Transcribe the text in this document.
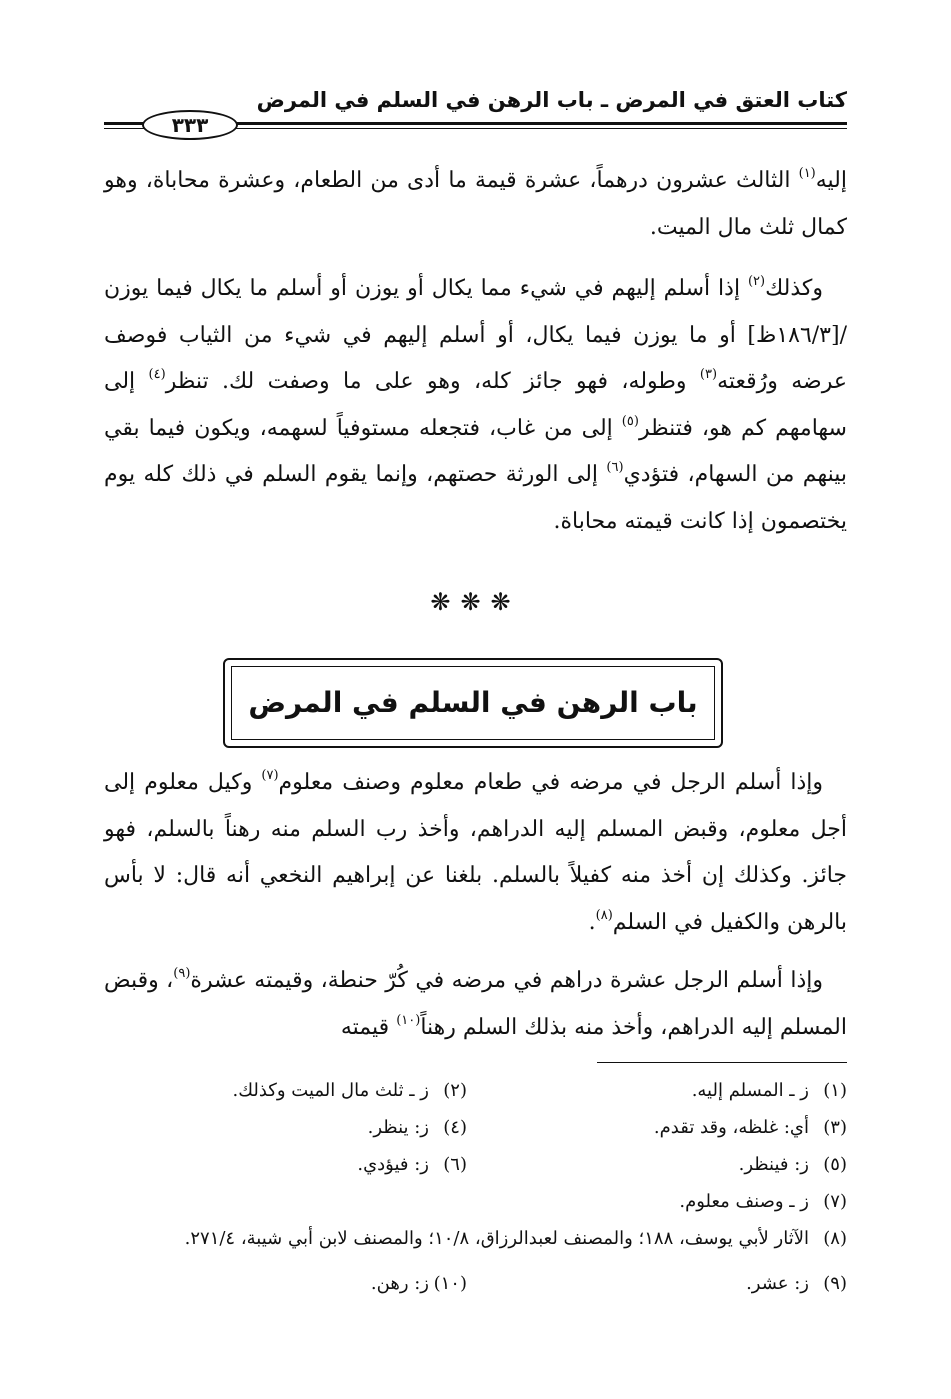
كتاب العتق في المرض ـ باب الرهن في السلم في المرض
٣٣٣

إليه$^{(١)}$ الثالث عشرون درهماً، عشرة قيمة ما أدى من الطعام، وعشرة محاباة، وهو كمال ثلث مال الميت.

وكذلك$^{(٢)}$ إذا أسلم إليهم في شيء مما يكال أو يوزن أو أسلم ما يكال فيما يوزن /[١٨٦/٣ظ] أو ما يوزن فيما يكال، أو أسلم إليهم في شيء من الثياب فوصف عرضه ورُقعته$^{(٣)}$ وطوله، فهو جائز كله، وهو على ما وصفت لك. تنظر$^{(٤)}$ إلى سهامهم كم هو، فتنظر$^{(٥)}$ إلى من غاب، فتجعله مستوفياً لسهمه، ويكون فيما بقي بينهم من السهام، فتؤدي$^{(٦)}$ إلى الورثة حصتهم، وإنما يقوم السلم في ذلك كله يوم يختصمون إذا كانت قيمته محاباة.

❋❋❋
باب الرهن في السلم في المرض

وإذا أسلم الرجل في مرضه في طعام معلوم وصنف معلوم$^{(٧)}$ وكيل معلوم إلى أجل معلوم، وقبض المسلم إليه الدراهم، وأخذ رب السلم منه رهناً بالسلم، فهو جائز. وكذلك إن أخذ منه كفيلاً بالسلم. بلغنا عن إبراهيم النخعي أنه قال: لا بأس بالرهن والكفيل في السلم$^{(٨)}$.

وإذا أسلم الرجل عشرة دراهم في مرضه في كُرّ حنطة، وقيمته عشرة$^{(٩)}$، وقبض المسلم إليه الدراهم، وأخذ منه بذلك السلم رهناً$^{(١٠)}$ قيمته

(١)
ز ـ المسلم إليه.
(٢)
ز ـ ثلث مال الميت وكذلك.
(٣)
أي: غلظه، وقد تقدم.
(٤)
ز: ينظر.
(٥)
ز: فينظر.
(٦)
ز: فيؤدي.
(٧)
ز ـ وصنف معلوم.
(٨)
الآثار لأبي يوسف، ١٨٨؛ والمصنف لعبدالرزاق، ١٠/٨؛ والمصنف لابن أبي شيبة، ٢٧١/٤.
(٩)
ز: عشر.
(١٠)
ز: رهن.
